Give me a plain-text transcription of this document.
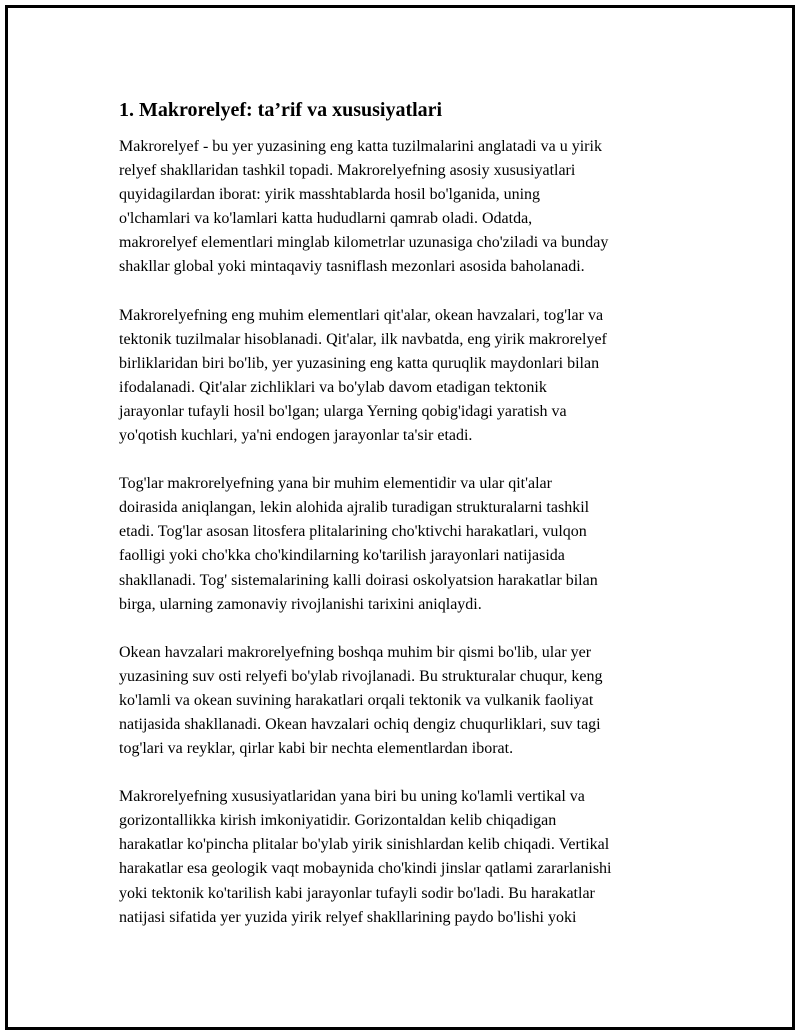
1. Makrorelyef: ta’rif va xususiyatlari

Makrorelyef - bu yer yuzasining eng katta tuzilmalarini anglatadi va u yirik
relyef shakllaridan tashkil topadi. Makrorelyefning asosiy xususiyatlari
quyidagilardan iborat: yirik masshtablarda hosil bo'lganida, uning
o'lchamlari va ko'lamlari katta hududlarni qamrab oladi. Odatda,
makrorelyef elementlari minglab kilometrlar uzunasiga cho'ziladi va bunday
shakllar global yoki mintaqaviy tasniflash mezonlari asosida baholanadi.

Makrorelyefning eng muhim elementlari qit'alar, okean havzalari, tog'lar va
tektonik tuzilmalar hisoblanadi. Qit'alar, ilk navbatda, eng yirik makrorelyef
birliklaridan biri bo'lib, yer yuzasining eng katta quruqlik maydonlari bilan
ifodalanadi. Qit'alar zichliklari va bo'ylab davom etadigan tektonik
jarayonlar tufayli hosil bo'lgan; ularga Yerning qobig'idagi yaratish va
yo'qotish kuchlari, ya'ni endogen jarayonlar ta'sir etadi.

Tog'lar makrorelyefning yana bir muhim elementidir va ular qit'alar
doirasida aniqlangan, lekin alohida ajralib turadigan strukturalarni tashkil
etadi. Tog'lar asosan litosfera plitalarining cho'ktivchi harakatlari, vulqon
faolligi yoki cho'kka cho'kindilarning ko'tarilish jarayonlari natijasida
shakllanadi. Tog' sistemalarining kalli doirasi oskolyatsion harakatlar bilan
birga, ularning zamonaviy rivojlanishi tarixini aniqlaydi.

Okean havzalari makrorelyefning boshqa muhim bir qismi bo'lib, ular yer
yuzasining suv osti relyefi bo'ylab rivojlanadi. Bu strukturalar chuqur, keng
ko'lamli va okean suvining harakatlari orqali tektonik va vulkanik faoliyat
natijasida shakllanadi. Okean havzalari ochiq dengiz chuqurliklari, suv tagi
tog'lari va reyklar, qirlar kabi bir nechta elementlardan iborat.

Makrorelyefning xususiyatlaridan yana biri bu uning ko'lamli vertikal va
gorizontallikka kirish imkoniyatidir. Gorizontaldan kelib chiqadigan
harakatlar ko'pincha plitalar bo'ylab yirik sinishlardan kelib chiqadi. Vertikal
harakatlar esa geologik vaqt mobaynida cho'kindi jinslar qatlami zararlanishi
yoki tektonik ko'tarilish kabi jarayonlar tufayli sodir bo'ladi. Bu harakatlar
natijasi sifatida yer yuzida yirik relyef shakllarining paydo bo'lishi yoki
